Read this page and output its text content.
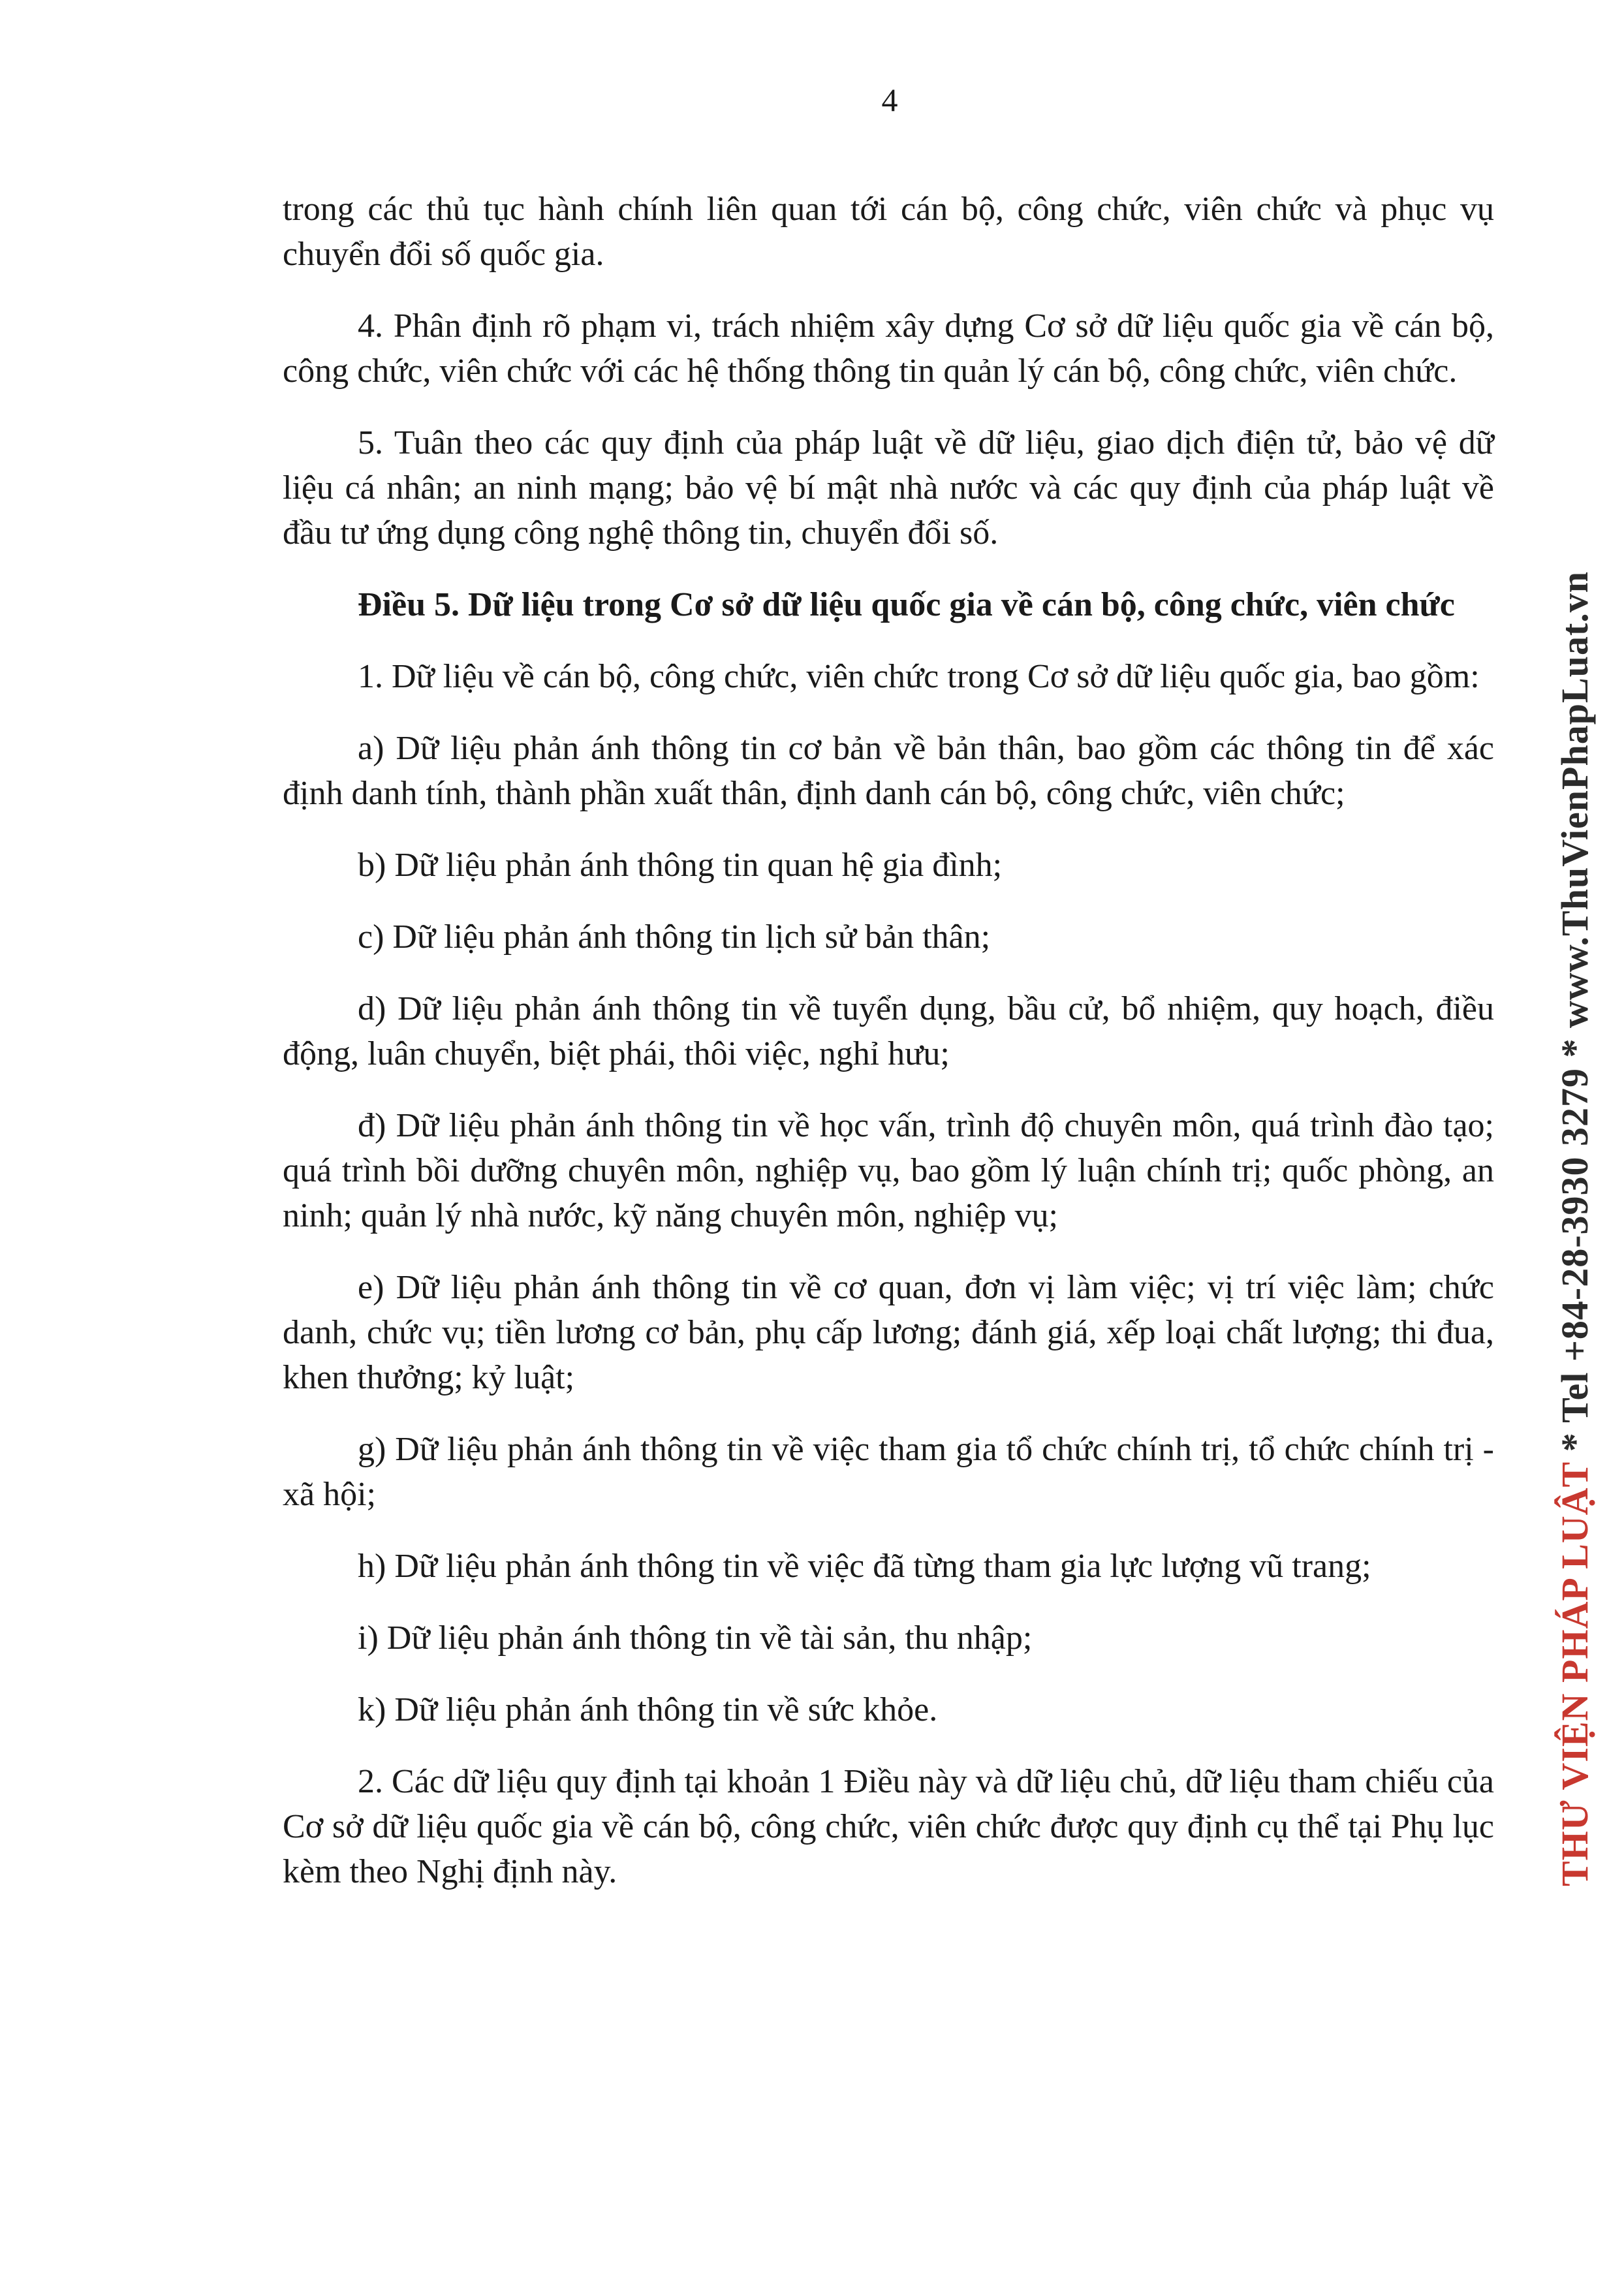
4

trong các thủ tục hành chính liên quan tới cán bộ, công chức, viên chức và phục vụ chuyển đổi số quốc gia.

4. Phân định rõ phạm vi, trách nhiệm xây dựng Cơ sở dữ liệu quốc gia về cán bộ, công chức, viên chức với các hệ thống thông tin quản lý cán bộ, công chức, viên chức.

5. Tuân theo các quy định của pháp luật về dữ liệu, giao dịch điện tử, bảo vệ dữ liệu cá nhân; an ninh mạng; bảo vệ bí mật nhà nước và các quy định của pháp luật về đầu tư ứng dụng công nghệ thông tin, chuyển đổi số.

Điều 5. Dữ liệu trong Cơ sở dữ liệu quốc gia về cán bộ, công chức, viên chức

1. Dữ liệu về cán bộ, công chức, viên chức trong Cơ sở dữ liệu quốc gia, bao gồm:

a) Dữ liệu phản ánh thông tin cơ bản về bản thân, bao gồm các thông tin để xác định danh tính, thành phần xuất thân, định danh cán bộ, công chức, viên chức;

b) Dữ liệu phản ánh thông tin quan hệ gia đình;

c) Dữ liệu phản ánh thông tin lịch sử bản thân;

d) Dữ liệu phản ánh thông tin về tuyển dụng, bầu cử, bổ nhiệm, quy hoạch, điều động, luân chuyển, biệt phái, thôi việc, nghỉ hưu;

đ) Dữ liệu phản ánh thông tin về học vấn, trình độ chuyên môn, quá trình đào tạo; quá trình bồi dưỡng chuyên môn, nghiệp vụ, bao gồm lý luận chính trị; quốc phòng, an ninh; quản lý nhà nước, kỹ năng chuyên môn, nghiệp vụ;

e) Dữ liệu phản ánh thông tin về cơ quan, đơn vị làm việc; vị trí việc làm; chức danh, chức vụ; tiền lương cơ bản, phụ cấp lương; đánh giá, xếp loại chất lượng; thi đua, khen thưởng; kỷ luật;

g) Dữ liệu phản ánh thông tin về việc tham gia tổ chức chính trị, tổ chức chính trị - xã hội;

h) Dữ liệu phản ánh thông tin về việc đã từng tham gia lực lượng vũ trang;

i) Dữ liệu phản ánh thông tin về tài sản, thu nhập;

k) Dữ liệu phản ánh thông tin về sức khỏe.

2. Các dữ liệu quy định tại khoản 1 Điều này và dữ liệu chủ, dữ liệu tham chiếu của Cơ sở dữ liệu quốc gia về cán bộ, công chức, viên chức được quy định cụ thể tại Phụ lục kèm theo Nghị định này.	THƯ VIỆN PHÁP LUẬT * Tel +84-28-3930 3279 * www.ThuVienPhapLuat.vn
